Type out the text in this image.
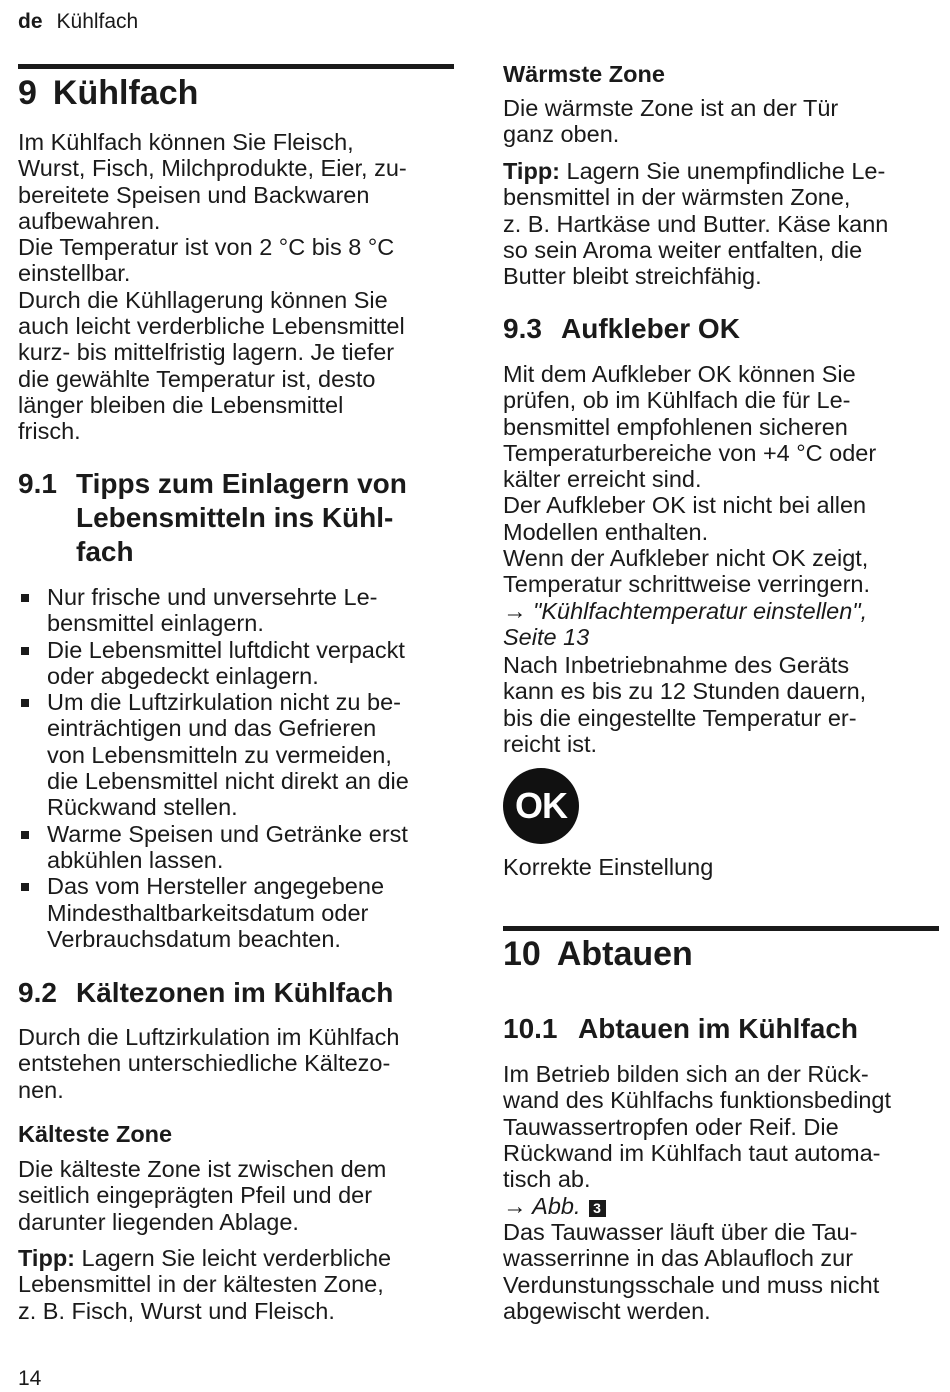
de Kühlfach
9 Kühlfach
Im Kühlfach können Sie Fleisch,
Wurst, Fisch, Milchprodukte, Eier, zu-
bereitete Speisen und Backwaren
aufbewahren.
Die Temperatur ist von 2 °C bis 8 °C
einstellbar.
Durch die Kühllagerung können Sie
auch leicht verderbliche Lebensmittel
kurz- bis mittelfristig lagern. Je tiefer
die gewählte Temperatur ist, desto
länger bleiben die Lebensmittel
frisch.
9.1 Tipps zum Einlagern von Lebensmitteln ins Kühl-
fach
Nur frische und unversehrte Le-
bensmittel einlagern.
Die Lebensmittel luftdicht verpackt
oder abgedeckt einlagern.
Um die Luftzirkulation nicht zu be-
einträchtigen und das Gefrieren
von Lebensmitteln zu vermeiden,
die Lebensmittel nicht direkt an die
Rückwand stellen.
Warme Speisen und Getränke erst
abkühlen lassen.
Das vom Hersteller angegebene
Mindesthaltbarkeitsdatum oder
Verbrauchsdatum beachten.
9.2 Kältezonen im Kühlfach
Durch die Luftzirkulation im Kühlfach
entstehen unterschiedliche Kältezo-
nen.
Kälteste Zone
Die kälteste Zone ist zwischen dem
seitlich eingeprägten Pfeil und der
darunter liegenden Ablage.
Tipp: Lagern Sie leicht verderbliche
Lebensmittel in der kältesten Zone,
z. B. Fisch, Wurst und Fleisch.
Wärmste Zone
Die wärmste Zone ist an der Tür
ganz oben.
Tipp: Lagern Sie unempfindliche Le-
bensmittel in der wärmsten Zone,
z. B. Hartkäse und Butter. Käse kann
so sein Aroma weiter entfalten, die
Butter bleibt streichfähig.
9.3 Aufkleber OK
Mit dem Aufkleber OK können Sie
prüfen, ob im Kühlfach die für Le-
bensmittel empfohlenen sicheren
Temperaturbereiche von +4 °C oder
kälter erreicht sind.
Der Aufkleber OK ist nicht bei allen
Modellen enthalten.
Wenn der Aufkleber nicht OK zeigt,
Temperatur schrittweise verringern.
→ "Kühlfachtemperatur einstellen",
Seite 13
Nach Inbetriebnahme des Geräts
kann es bis zu 12 Stunden dauern,
bis die eingestellte Temperatur er-
reicht ist.
OK
Korrekte Einstellung
10 Abtauen
10.1 Abtauen im Kühlfach
Im Betrieb bilden sich an der Rück-
wand des Kühlfachs funktionsbedingt
Tauwassertropfen oder Reif. Die
Rückwand im Kühlfach taut automa-
tisch ab.
→ Abb. 3
Das Tauwasser läuft über die Tau-
wasserrinne in das Ablaufloch zur
Verdunstungsschale und muss nicht
abgewischt werden.
14
